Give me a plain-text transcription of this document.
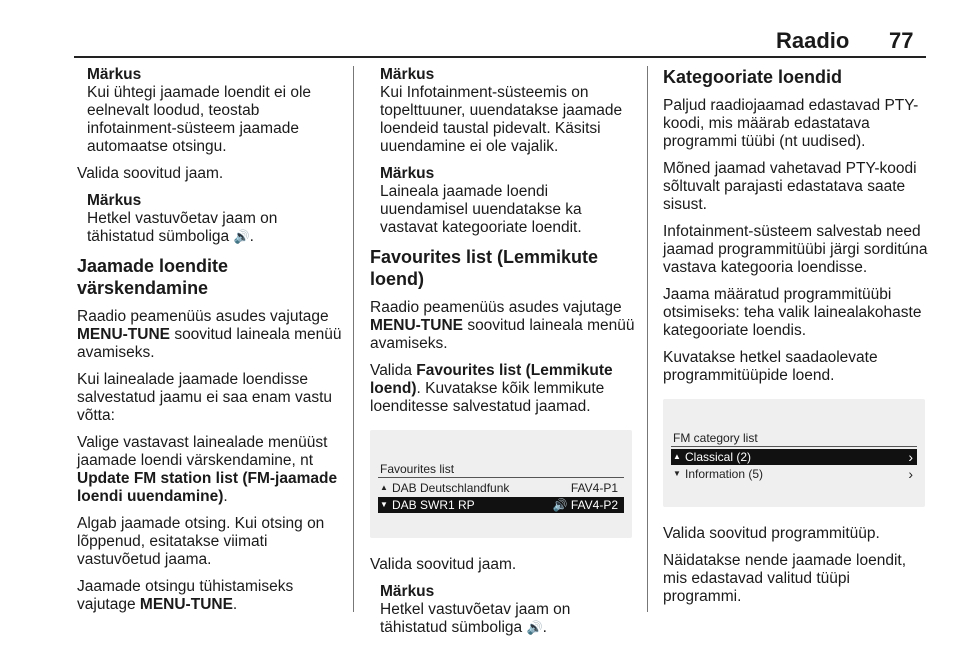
Raadio 77
Märkus
Kui ühtegi jaamade loendit ei ole eelnevalt loodud, teostab infotainment-süsteem jaamade automaatse otsingu.

Valida soovitud jaam.

Märkus
Hetkel vastuvõetav jaam on tähistatud sümboliga 🔊.
Jaamade loendite värskendamine

Raadio peamenüüs asudes vajutage MENU-TUNE soovitud laineala menüü avamiseks.

Kui lainealade jaamade loendisse salvestatud jaamu ei saa enam vastu võtta:

Valige vastavast lainealade menüüst jaamade loendi värskendamine, nt Update FM station list (FM-jaamade loendi uuendamine).

Algab jaamade otsing. Kui otsing on lõppenud, esitatakse viimati vastuvõetud jaama.

Jaamade otsingu tühistamiseks vajutage MENU-TUNE.

Märkus
Kui Infotainment-süsteemis on topelttuuner, uuendatakse jaamade loendeid taustal pidevalt. Käsitsi uuendamine ei ole vajalik.
Märkus
Laineala jaamade loendi uuendamisel uuendatakse ka vastavat kategooriate loendit.
Favourites list (Lemmikute loend)

Raadio peamenüüs asudes vajutage MENU-TUNE soovitud laineala menüü avamiseks.

Valida Favourites list (Lemmikute loend). Kuvatakse kõik lemmikute loenditesse salvestatud jaamad.

Favourites list
▲ DAB Deutschlandfunk	FAV4-P1
▼ DAB SWR1 RP	🔊 FAV4-P2

Valida soovitud jaam.

Märkus
Hetkel vastuvõetav jaam on tähistatud sümboliga 🔊.
Kategooriate loendid

Paljud raadiojaamad edastavad PTY-koodi, mis määrab edastatava programmi tüübi (nt uudised).

Mõned jaamad vahetavad PTY-koodi sõltuvalt parajasti edastatava saate sisust.

Infotainment-süsteem salvestab need jaamad programmitüübi järgi sorditúna vastava kategooria loendisse.

Jaama määratud programmitüübi otsimiseks: teha valik lainealakohaste kategooriate loendis.

Kuvatakse hetkel saadaolevate programmitüüpide loend.

FM category list
▲ Classical (2)	›
▼ Information (5)	›

Valida soovitud programmitüüp.

Näidatakse nende jaamade loendit, mis edastavad valitud tüüpi programmi.
